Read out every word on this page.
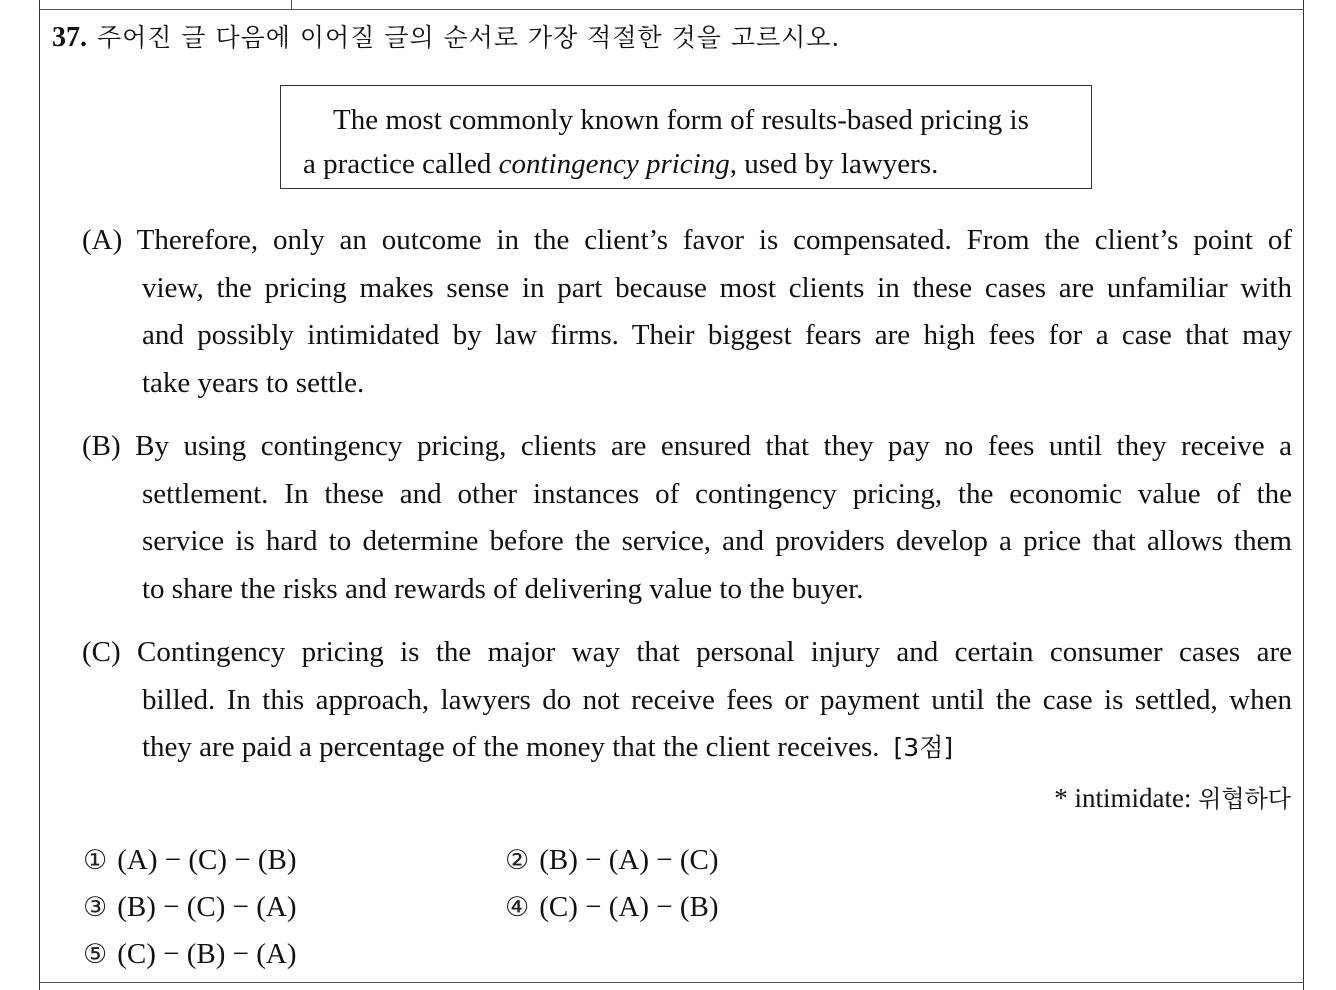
37. 주어진 글 다음에 이어질 글의 순서로 가장 적절한 것을 고르시오.
The most commonly known form of results-based pricing is
a practice called contingency pricing, used by lawyers.
(A) Therefore, only an outcome in the client’s favor is compensated. From the client’s point of
view, the pricing makes sense in part because most clients in these cases are unfamiliar with
and possibly intimidated by law firms. Their biggest fears are high fees for a case that may
take years to settle.
(B) By using contingency pricing, clients are ensured that they pay no fees until they receive a
settlement. In these and other instances of contingency pricing, the economic value of the
service is hard to determine before the service, and providers develop a price that allows them
to share the risks and rewards of delivering value to the buyer.
(C) Contingency pricing is the major way that personal injury and certain consumer cases are
billed. In this approach, lawyers do not receive fees or payment until the case is settled, when
they are paid a percentage of the money that the client receives. [3점]
* intimidate: 위협하다
① (A) − (C) − (B)	② (B) − (A) − (C)
③ (B) − (C) − (A)	④ (C) − (A) − (B)
⑤ (C) − (B) − (A)
